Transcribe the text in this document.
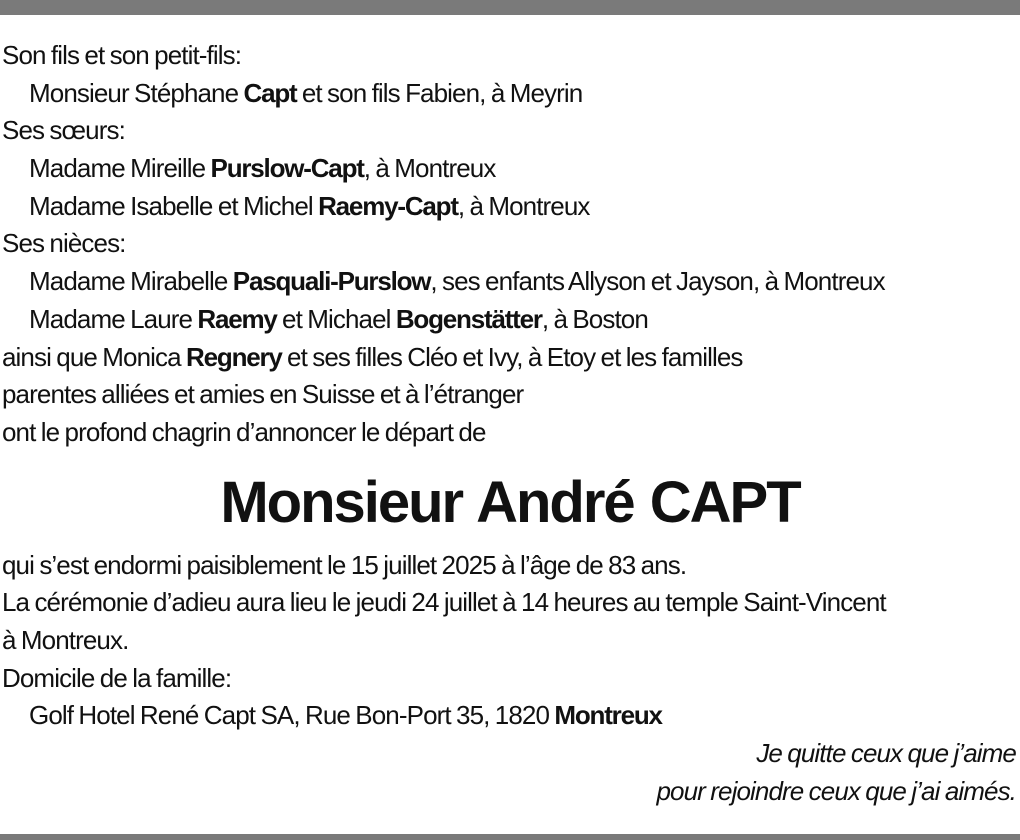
Son fils et son petit-fils:
Monsieur Stéphane Capt et son fils Fabien, à Meyrin
Ses sœurs:
Madame Mireille Purslow-Capt, à Montreux
Madame Isabelle et Michel Raemy-Capt, à Montreux
Ses nièces:
Madame Mirabelle Pasquali-Purslow, ses enfants Allyson et Jayson, à Montreux
Madame Laure Raemy et Michael Bogenstätter, à Boston
ainsi que Monica Regnery et ses filles Cléo et Ivy, à Etoy et les familles
parentes alliées et amies en Suisse et à l’étranger
ont le profond chagrin d’annoncer le départ de
Monsieur André CAPT
qui s’est endormi paisiblement le 15 juillet 2025 à l’âge de 83 ans.
La cérémonie d’adieu aura lieu le jeudi 24 juillet à 14 heures au temple Saint-Vincent
à Montreux.
Domicile de la famille:
Golf Hotel René Capt SA, Rue Bon-Port 35, 1820 Montreux
Je quitte ceux que j’aime
pour rejoindre ceux que j’ai aimés.
